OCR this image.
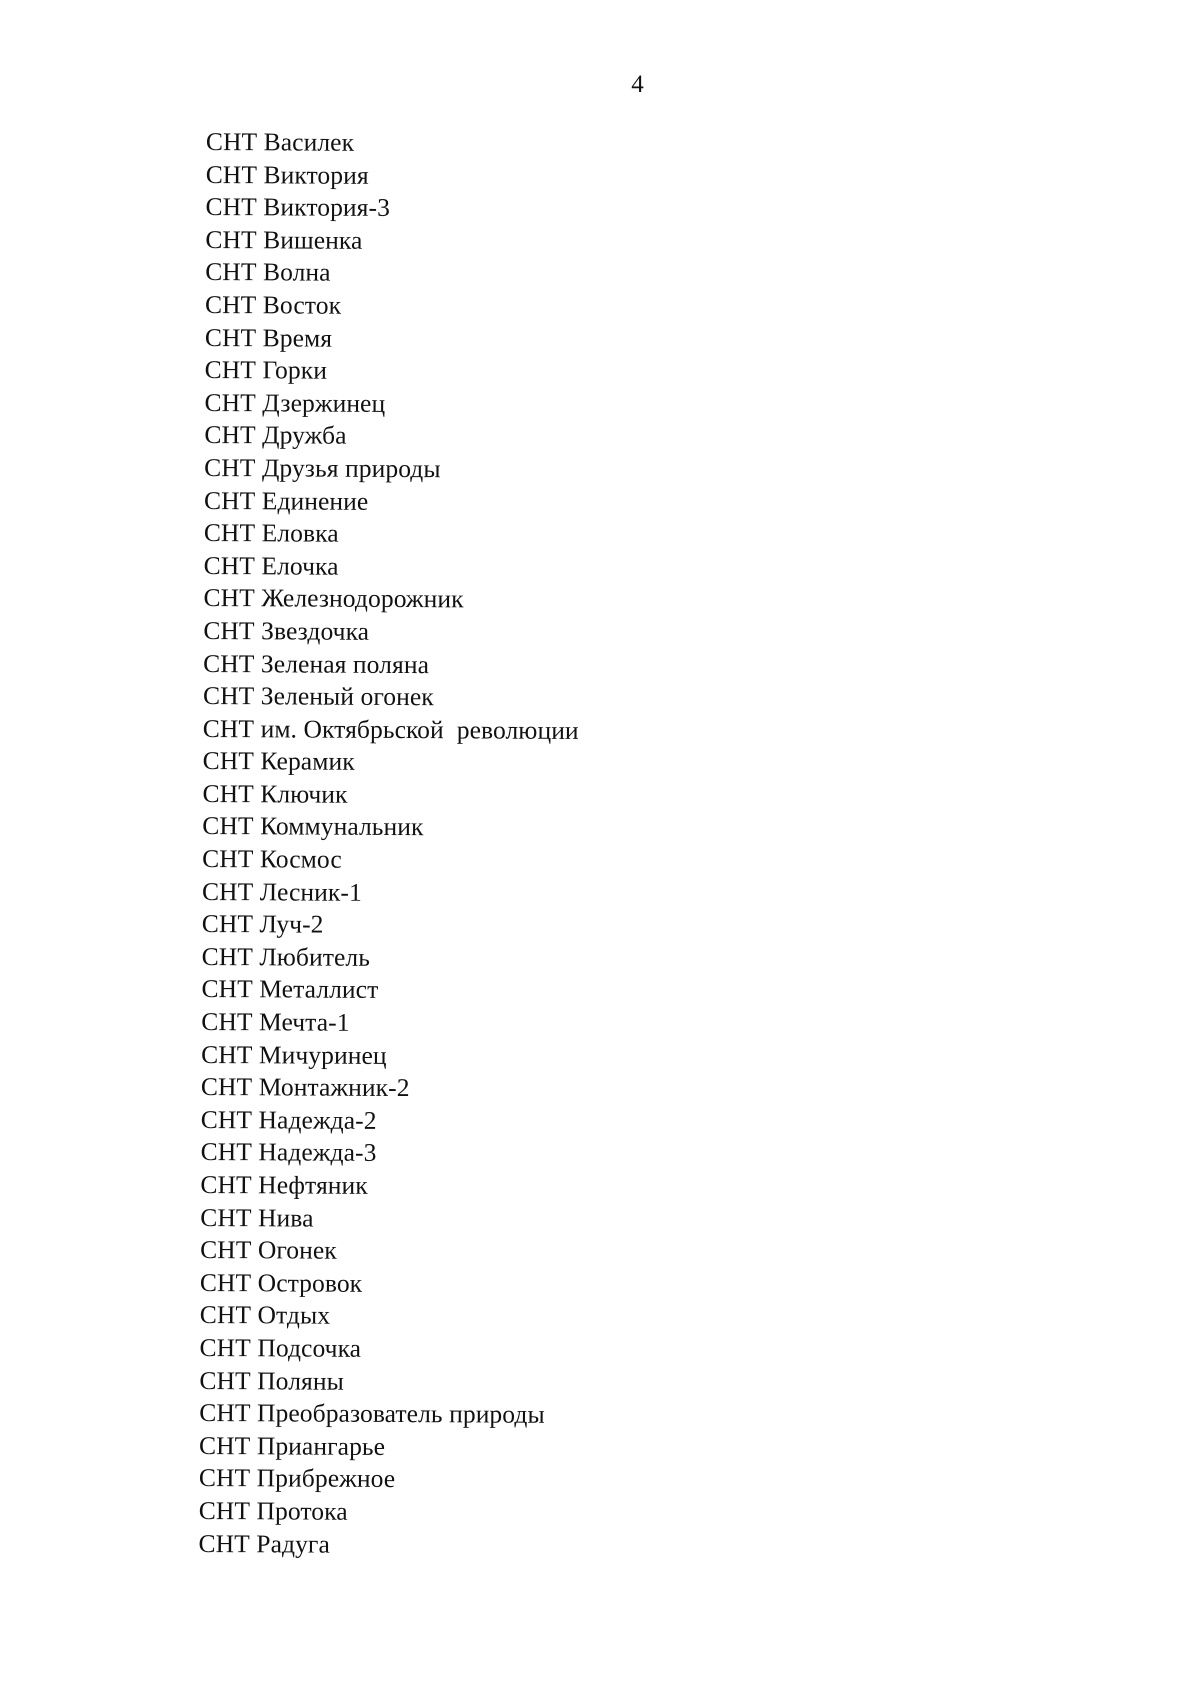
4
СНТ Василек
СНТ Виктория
СНТ Виктория-3
СНТ Вишенка
СНТ Волна
СНТ Восток
СНТ Время
СНТ Горки
СНТ Дзержинец
СНТ Дружба
СНТ Друзья природы
СНТ Единение
СНТ Еловка
СНТ Елочка
СНТ Железнодорожник
СНТ Звездочка
СНТ Зеленая поляна
СНТ Зеленый огонек
СНТ им. Октябрьской  революции
СНТ Керамик
СНТ Ключик
СНТ Коммунальник
СНТ Космос
СНТ Лесник-1
СНТ Луч-2
СНТ Любитель
СНТ Металлист
СНТ Мечта-1
СНТ Мичуринец
СНТ Монтажник-2
СНТ Надежда-2
СНТ Надежда-3
СНТ Нефтяник
СНТ Нива
СНТ Огонек
СНТ Островок
СНТ Отдых
СНТ Подсочка
СНТ Поляны
СНТ Преобразователь природы
СНТ Приангарье
СНТ Прибрежное
СНТ Протока
СНТ Радуга
